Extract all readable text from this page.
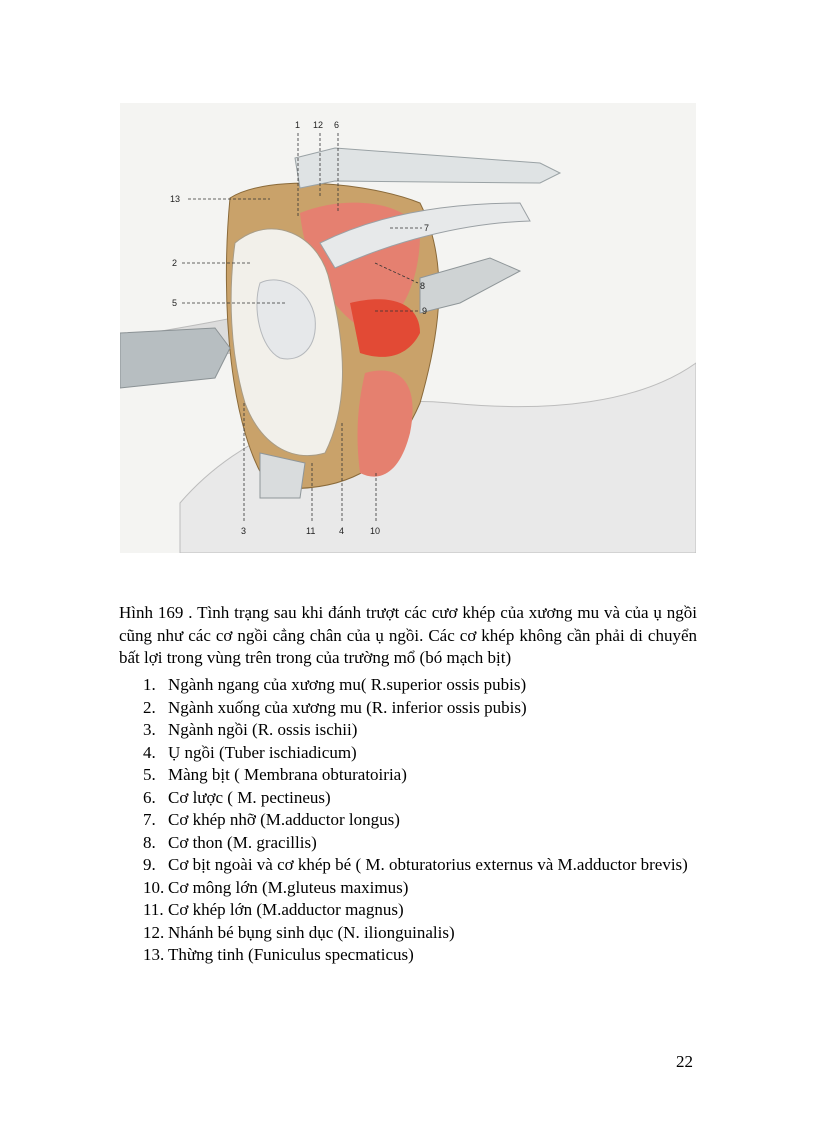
1 12 6
13
7
2
8
5
9
3	11	4	10

Hình 169 . Tình trạng sau khi đánh trượt các cươ khép của xương mu và của ụ ngồi cũng như các cơ ngồi cẳng chân của ụ ngồi. Các cơ khép không cần phải di chuyển bất lợi trong vùng trên trong của trường mổ (bó mạch bịt)

1. Ngành ngang của xương mu( R.superior ossis pubis)
2. Ngành xuống của xương mu (R. inferior ossis pubis)
3. Ngành ngồi (R. ossis ischii)
4. Ụ ngồi (Tuber ischiadicum)
5. Màng bịt ( Membrana obturatoiria)
6. Cơ lược ( M. pectineus)
7. Cơ khép nhỡ (M.adductor longus)
8. Cơ thon (M. gracillis)
9. Cơ bịt ngoài và cơ khép bé ( M. obturatorius externus và M.adductor brevis)
10. Cơ mông lớn (M.gluteus maximus)
11. Cơ khép lớn (M.adductor magnus)
12. Nhánh bé bụng sinh dục (N. ilionguinalis)
13. Thừng tinh (Funiculus specmaticus)

22
